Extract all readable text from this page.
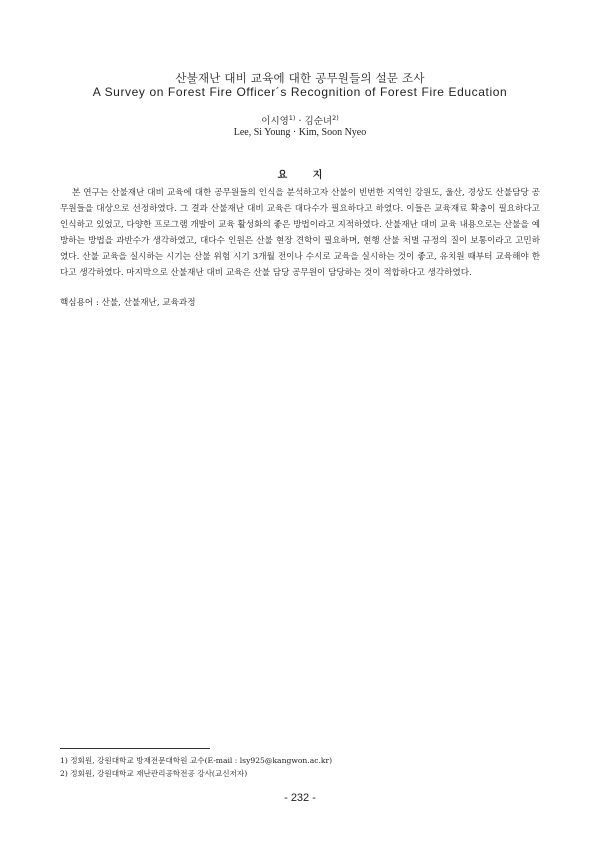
산불재난 대비 교육에 대한 공무원들의 설문 조사
A Survey on Forest Fire Officer´s Recognition of Forest Fire Education
이시영$^{1)}$ · 김순녀$^{2)}$
Lee, Si Young · Kim, Soon Nyeo
요 지

본 연구는 산불재난 대비 교육에 대한 공무원들의 인식을 분석하고자 산불이 빈번한 지역인 강원도, 울산, 경상도 산불담당 공무원들을 대상으로 선정하였다. 그 결과 산불재난 대비 교육은 대다수가 필요하다고 하였다. 이들은 교육재료 확충이 필요하다고 인식하고 있었고, 다양한 프로그램 개발이 교육 활성화의 좋은 방법이라고 지적하였다. 산불재난 대비 교육 내용으로는 산불을 예방하는 방법을 과반수가 생각하였고, 대다수 인원은 산불 현장 견학이 필요하며, 현행 산불 처벌 규정의 질이 보통이라고 고민하였다. 산불 교육을 실시하는 시기는 산불 위험 시기 3개월 전이나 수시로 교육을 실시하는 것이 좋고, 유치원 때부터 교육해야 한다고 생각하였다. 마지막으로 산불재난 대비 교육은 산불 담당 공무원이 담당하는 것이 적합하다고 생각하였다.

핵심용어 : 산불, 산불재난, 교육과정
1) 정회원, 강원대학교 방재전문대학원 교수(E-mail : lsy925@kangwon.ac.kr)
2) 정회원, 강원대학교 재난관리공학전공 강사(교신저자)
- 232 -
